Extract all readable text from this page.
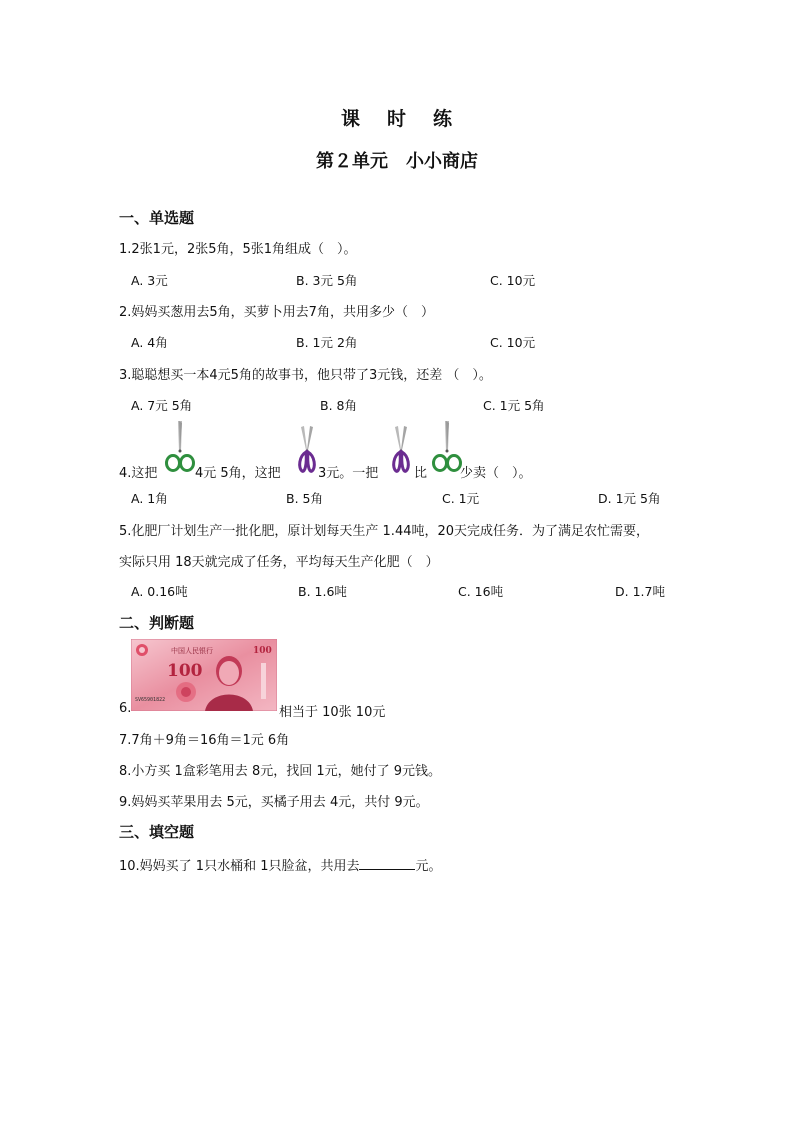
课 时 练
第２单元　小小商店
一、单选题
1.2张1元，2张5角，5张1角组成（　）。
A. 3元	B. 3元 5角	C. 10元
2.妈妈买葱用去5角，买萝卜用去7角，共用多少（　）
A. 4角	B. 1元 2角	C. 10元
3.聪聪想买一本4元5角的故事书，他只带了3元钱，还差 （　）。
A. 7元 5角	B. 8角	C. 1元 5角
4.这把	4元 5角，这把	3元。一把	比	少卖（　）。
A. 1角	B. 5角	C. 1元	D. 1元 5角
5.化肥厂计划生产一批化肥，原计划每天生产 1.44吨，20天完成任务．为了满足农忙需要，
实际只用 18天就完成了任务，平均每天生产化肥（　）
A. 0.16吨	B. 1.6吨	C. 16吨	D. 1.7吨
二、判断题
6.
中国人民银行
100
100
SV65901822
相当于 10张 10元
7.7角＋9角＝16角＝1元 6角
8.小方买 1盒彩笔用去 8元，找回 1元，她付了 9元钱。
9.妈妈买苹果用去 5元，买橘子用去 4元，共付 9元。
三、填空题
10.妈妈买了 1只水桶和 1只脸盆，共用去	元。
